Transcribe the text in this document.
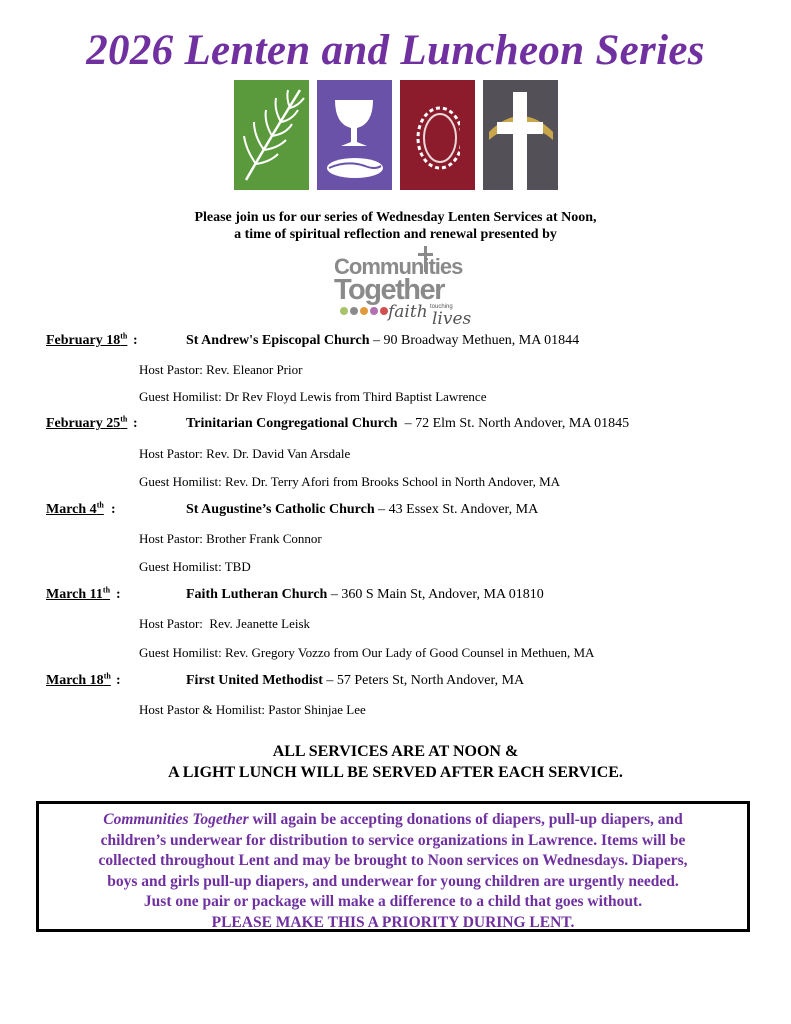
2026 Lenten and Luncheon Series
Please join us for our series of Wednesday Lenten Services at Noon,
a time of spiritual reflection and renewal presented by
Communities
Together
faith touching
lives
February 18th :	St Andrew's Episcopal Church – 90 Broadway Methuen, MA 01844
Host Pastor: Rev. Eleanor Prior
Guest Homilist: Dr Rev Floyd Lewis from Third Baptist Lawrence
February 25th :	Trinitarian Congregational Church  – 72 Elm St. North Andover, MA 01845
Host Pastor: Rev. Dr. David Van Arsdale
Guest Homilist: Rev. Dr. Terry Afori from Brooks School in North Andover, MA
March 4th :	St Augustine’s Catholic Church – 43 Essex St. Andover, MA
Host Pastor: Brother Frank Connor
Guest Homilist: TBD
March 11th :	Faith Lutheran Church – 360 S Main St, Andover, MA 01810
Host Pastor:  Rev. Jeanette Leisk
Guest Homilist: Rev. Gregory Vozzo from Our Lady of Good Counsel in Methuen, MA
March 18th :	First United Methodist – 57 Peters St, North Andover, MA
Host Pastor & Homilist: Pastor Shinjae Lee
ALL SERVICES ARE AT NOON &
A LIGHT LUNCH WILL BE SERVED AFTER EACH SERVICE.
Communities Together will again be accepting donations of diapers, pull-up diapers, and
children’s underwear for distribution to service organizations in Lawrence. Items will be
collected throughout Lent and may be brought to Noon services on Wednesdays. Diapers,
boys and girls pull-up diapers, and underwear for young children are urgently needed.
Just one pair or package will make a difference to a child that goes without.
PLEASE MAKE THIS A PRIORITY DURING LENT.
